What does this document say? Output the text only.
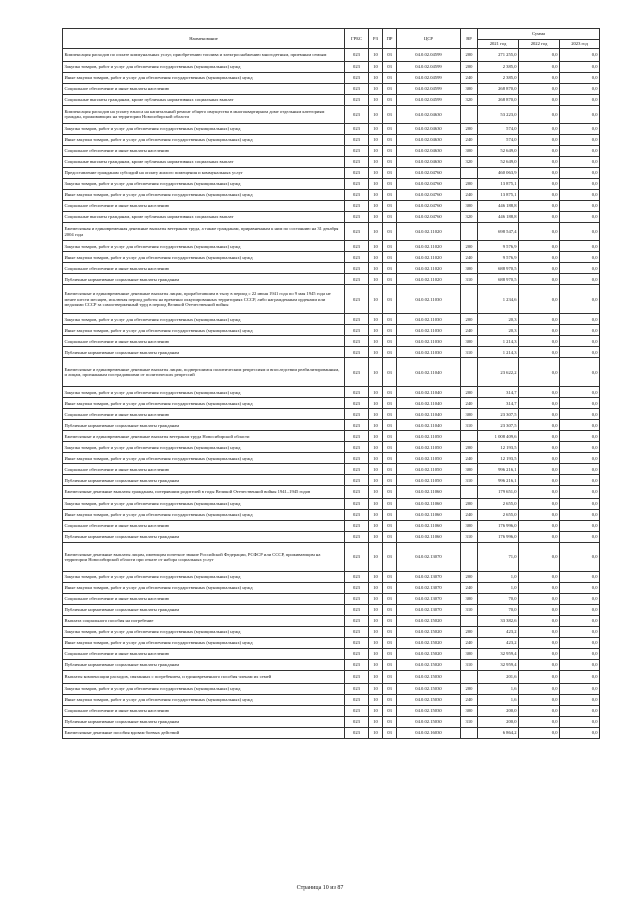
Наименование	ГРБС	РЗ	ПР	ЦСР	ВР	Сумма		
						2021 год	2022 год	2023 год
Компенсация расходов по оплате коммунальных услуг, приобретению топлива и электроснабжению многодетным, приемным семьям	023	10	03	04.0.02.04599	200	271 255,0	0,0	0,0
Закупка товаров, работ и услуг для обеспечения государственных (муниципальных) нужд	023	10	03	04.0.02.04599	200	2 385,0	0,0	0,0
Иные закупки товаров, работ и услуг для обеспечения государственных (муниципальных) нужд	023	10	03	04.0.02.04599	240	2 385,0	0,0	0,0
Социальное обеспечение и иные выплаты населению	023	10	03	04.0.02.04599	300	268 870,0	0,0	0,0
Социальные выплаты гражданам, кроме публичных нормативных социальных выплат	023	10	03	04.0.02.04599	320	268 870,0	0,0	0,0
Компенсация расходов на уплату взноса на капитальный ремонт общего имущества в многоквартирном доме отдельным категориям граждан, проживающих на территории Новосибирской области	023	10	03	04.0.02.04630		53 223,0	0,0	0,0
Закупка товаров, работ и услуг для обеспечения государственных (муниципальных) нужд	023	10	03	04.0.02.04630	200	574,0	0,0	0,0
Иные закупки товаров, работ и услуг для обеспечения государственных (муниципальных) нужд	023	10	03	04.0.02.04630	240	574,0	0,0	0,0
Социальное обеспечение и иные выплаты населению	023	10	03	04.0.02.04630	300	52 649,0	0,0	0,0
Социальные выплаты гражданам, кроме публичных нормативных социальных выплат	023	10	03	04.0.02.04630	320	52 649,0	0,0	0,0
Предоставление гражданам субсидий на оплату жилого помещения и коммунальных услуг	023	10	03	04.0.02.04760		460 063,9	0,0	0,0
Закупка товаров, работ и услуг для обеспечения государственных (муниципальных) нужд	023	10	03	04.0.02.04760	200	13 875,1	0,0	0,0
Иные закупки товаров, работ и услуг для обеспечения государственных (муниципальных) нужд	023	10	03	04.0.02.04760	240	13 875,1	0,0	0,0
Социальное обеспечение и иные выплаты населению	023	10	03	04.0.02.04760	300	446 188,8	0,0	0,0
Социальные выплаты гражданам, кроме публичных нормативных социальных выплат	023	10	03	04.0.02.04760	320	446 188,8	0,0	0,0
Ежемесячная и единовременная денежные выплаты ветеранам труда, а также гражданам, приравненным к ним по состоянию на 31 декабря 2004 года	023	10	03	04.0.02.11020		698 547,4	0,0	0,0
Закупка товаров, работ и услуг для обеспечения государственных (муниципальных) нужд	023	10	03	04.0.02.11020	200	9 576,9	0,0	0,0
Иные закупки товаров, работ и услуг для обеспечения государственных (муниципальных) нужд	023	10	03	04.0.02.11020	240	9 576,9	0,0	0,0
Социальное обеспечение и иные выплаты населению	023	10	03	04.0.02.11020	300	688 970,5	0,0	0,0
Публичные нормативные социальные выплаты гражданам	023	10	03	04.0.02.11020	310	688 970,5	0,0	0,0
Ежемесячные и единовременные денежные выплаты лицам, проработавшим в тылу в период с 22 июня 1941 года по 9 мая 1945 года не менее шести месяцев, исключая период работы на временно оккупированных территориях СССР, либо награжденным орденами или медалями СССР за самоотверженный труд в период Великой Отечественной войны	023	10	03	04.0.02.11030		1 234,6	0,0	0,0
Закупка товаров, работ и услуг для обеспечения государственных (муниципальных) нужд	023	10	03	04.0.02.11030	200	20,3	0,0	0,0
Иные закупки товаров, работ и услуг для обеспечения государственных (муниципальных) нужд	023	10	03	04.0.02.11030	240	20,3	0,0	0,0
Социальное обеспечение и иные выплаты населению	023	10	03	04.0.02.11030	300	1 214,3	0,0	0,0
Публичные нормативные социальные выплаты гражданам	023	10	03	04.0.02.11030	310	1 214,3	0,0	0,0
Ежемесячные и единовременные денежные выплаты лицам, подвергшимся политическим репрессиям и впоследствии реабилитированным, и лицам, признанным пострадавшими от политических репрессий	023	10	03	04.0.02.11040		23 622,2	0,0	0,0
Закупка товаров, работ и услуг для обеспечения государственных (муниципальных) нужд	023	10	03	04.0.02.11040	200	314,7	0,0	0,0
Иные закупки товаров, работ и услуг для обеспечения государственных (муниципальных) нужд	023	10	03	04.0.02.11040	240	314,7	0,0	0,0
Социальное обеспечение и иные выплаты населению	023	10	03	04.0.02.11040	300	23 307,5	0,0	0,0
Публичные нормативные социальные выплаты гражданам	023	10	03	04.0.02.11040	310	23 307,5	0,0	0,0
Ежемесячные и единовременные денежные выплаты ветеранам труда Новосибирской области	023	10	03	04.0.02.11050		1 008 409,6	0,0	0,0
Закупка товаров, работ и услуг для обеспечения государственных (муниципальных) нужд	023	10	03	04.0.02.11050	200	12 193,5	0,0	0,0
Иные закупки товаров, работ и услуг для обеспечения государственных (муниципальных) нужд	023	10	03	04.0.02.11050	240	12 193,5	0,0	0,0
Социальное обеспечение и иные выплаты населению	023	10	03	04.0.02.11050	300	996 216,1	0,0	0,0
Публичные нормативные социальные выплаты гражданам	023	10	03	04.0.02.11050	310	996 216,1	0,0	0,0
Ежемесячные денежные выплаты гражданам, потерявшим родителей в годы Великой Отечественной войны 1941–1945 годов	023	10	03	04.0.02.11060		179 651,0	0,0	0,0
Закупка товаров, работ и услуг для обеспечения государственных (муниципальных) нужд	023	10	03	04.0.02.11060	200	2 655,0	0,0	0,0
Иные закупки товаров, работ и услуг для обеспечения государственных (муниципальных) нужд	023	10	03	04.0.02.11060	240	2 655,0	0,0	0,0
Социальное обеспечение и иные выплаты населению	023	10	03	04.0.02.11060	300	176 996,0	0,0	0,0
Публичные нормативные социальные выплаты гражданам	023	10	03	04.0.02.11060	310	176 996,0	0,0	0,0
Ежемесячные денежные выплаты лицам, имеющим почетное звание Российской Федерации, РСФСР или СССР, проживающим на территории Новосибирской области при отказе от набора социальных услуг	023	10	03	04.0.02.13070		71,0	0,0	0,0
Закупка товаров, работ и услуг для обеспечения государственных (муниципальных) нужд	023	10	03	04.0.02.13070	200	1,0	0,0	0,0
Иные закупки товаров, работ и услуг для обеспечения государственных (муниципальных) нужд	023	10	03	04.0.02.13070	240	1,0	0,0	0,0
Социальное обеспечение и иные выплаты населению	023	10	03	04.0.02.13070	300	70,0	0,0	0,0
Публичные нормативные социальные выплаты гражданам	023	10	03	04.0.02.13070	310	70,0	0,0	0,0
Выплата социального пособия на погребение	023	10	03	04.0.02.15020		33 382,6	0,0	0,0
Закупка товаров, работ и услуг для обеспечения государственных (муниципальных) нужд	023	10	03	04.0.02.15020	200	423,2	0,0	0,0
Иные закупки товаров, работ и услуг для обеспечения государственных (муниципальных) нужд	023	10	03	04.0.02.15020	240	423,2	0,0	0,0
Социальное обеспечение и иные выплаты населению	023	10	03	04.0.02.15020	300	32 959,4	0,0	0,0
Публичные нормативные социальные выплаты гражданам	023	10	03	04.0.02.15020	310	32 959,4	0,0	0,0
Выплаты компенсации расходов, связанных с погребением, и единовременного пособия членам их семей	023	10	03	04.0.02.15030		201,6	0,0	0,0
Закупка товаров, работ и услуг для обеспечения государственных (муниципальных) нужд	023	10	03	04.0.02.15030	200	1,6	0,0	0,0
Иные закупки товаров, работ и услуг для обеспечения государственных (муниципальных) нужд	023	10	03	04.0.02.15030	240	1,6	0,0	0,0
Социальное обеспечение и иные выплаты населению	023	10	03	04.0.02.15030	300	200,0	0,0	0,0
Публичные нормативные социальные выплаты гражданам	023	10	03	04.0.02.15030	310	200,0	0,0	0,0
Ежемесячные денежные пособия вдовам боевых действий	023	10	03	04.0.02.16030		6 864,2	0,0	0,0
Страница 10 из 87
